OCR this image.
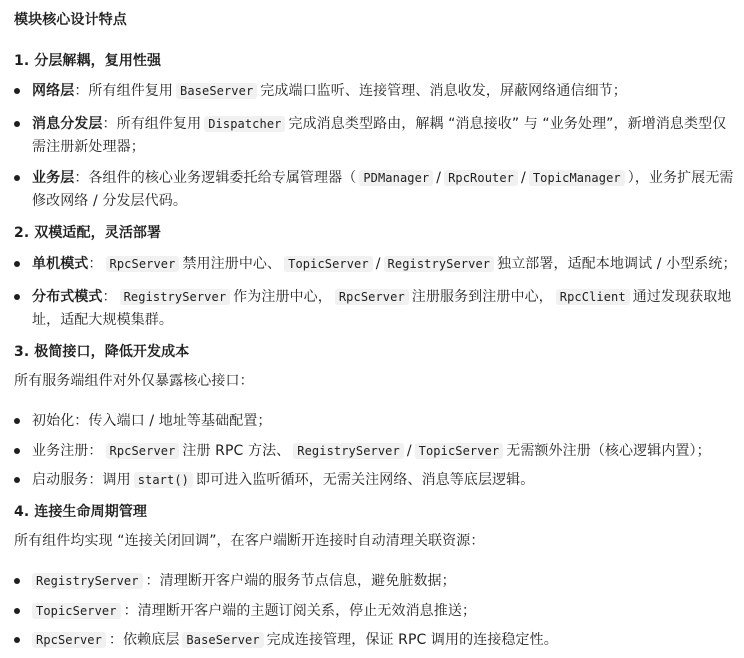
模块核心设计特点
1. 分层解耦，复用性强
网络层：所有组件复用 BaseServer 完成端口监听、连接管理、消息收发，屏蔽网络通信细节；
消息分发层：所有组件复用 Dispatcher 完成消息类型路由，解耦 “消息接收” 与 “业务处理”，新增消息类型仅
需注册新处理器；
业务层：各组件的核心业务逻辑委托给专属管理器（ PDManager / RpcRouter / TopicManager ），业务扩展无需
修改网络 / 分发层代码。
2. 双模适配，灵活部署
单机模式： RpcServer 禁用注册中心、 TopicServer / RegistryServer 独立部署，适配本地调试 / 小型系统；
分布式模式： RegistryServer 作为注册中心， RpcServer 注册服务到注册中心， RpcClient 通过发现获取地
址，适配大规模集群。
3. 极简接口，降低开发成本
所有服务端组件对外仅暴露核心接口：
初始化：传入端口 / 地址等基础配置；
业务注册： RpcServer 注册 RPC 方法、 RegistryServer / TopicServer 无需额外注册（核心逻辑内置）；
启动服务：调用 start() 即可进入监听循环，无需关注网络、消息等底层逻辑。
4. 连接生命周期管理
所有组件均实现 “连接关闭回调”，在客户端断开连接时自动清理关联资源：
RegistryServer ：清理断开客户端的服务节点信息，避免脏数据；
TopicServer ：清理断开客户端的主题订阅关系，停止无效消息推送；
RpcServer ：依赖底层 BaseServer 完成连接管理，保证 RPC 调用的连接稳定性。
